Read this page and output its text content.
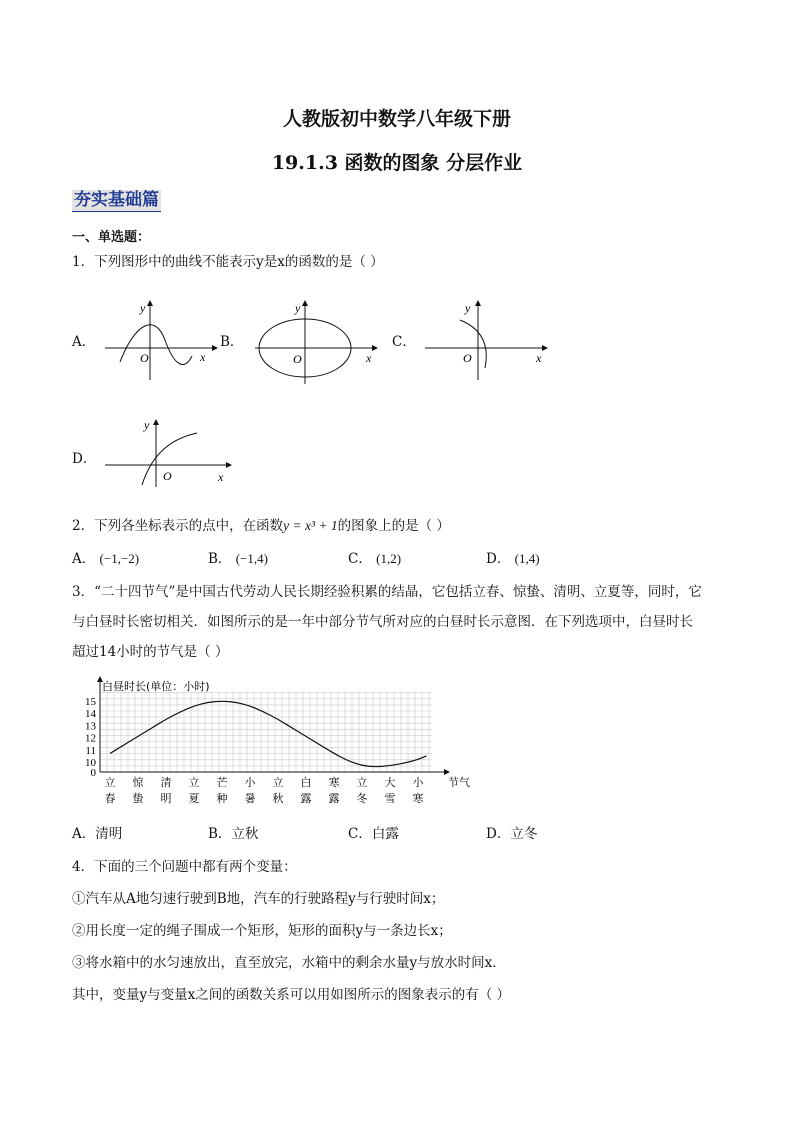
人教版初中数学八年级下册
19.1.3 函数的图象 分层作业
夯实基础篇
一、单选题：
1．下列图形中的曲线不能表示y是x的函数的是（ ）
A．
O	x
y
B．
O	x
y
C．
O	x
y
D．
O	x
y
2．下列各坐标表示的点中，在函数y = x³ + 1的图象上的是（ ）
A． (−1,−2)	B． (−1,4)	C． (1,2)	D． (1,4)
3．“二十四节气”是中国古代劳动人民长期经验积累的结晶，它包括立春、惊蛰、清明、立夏等，同时，它
与白昼时长密切相关．如图所示的是一年中部分节气所对应的白昼时长示意图．在下列选项中，白昼时长
超过14小时的节气是（ ）
0
10
11
12
13
14
15
立
春
惊
蛰
清
明
立
夏
芒
种
小
暑
立
秋
白
露
寒
露
立
冬
大
雪
小
寒
白昼时长(单位：小时)
节气
A．清明	B．立秋	C．白露	D．立冬
4．下面的三个问题中都有两个变量：
①汽车从A地匀速行驶到B地，汽车的行驶路程y与行驶时间x；
②用长度一定的绳子围成一个矩形，矩形的面积y与一条边长x；
③将水箱中的水匀速放出，直至放完，水箱中的剩余水量y与放水时间x．
其中，变量y与变量x之间的函数关系可以用如图所示的图象表示的有（ ）
